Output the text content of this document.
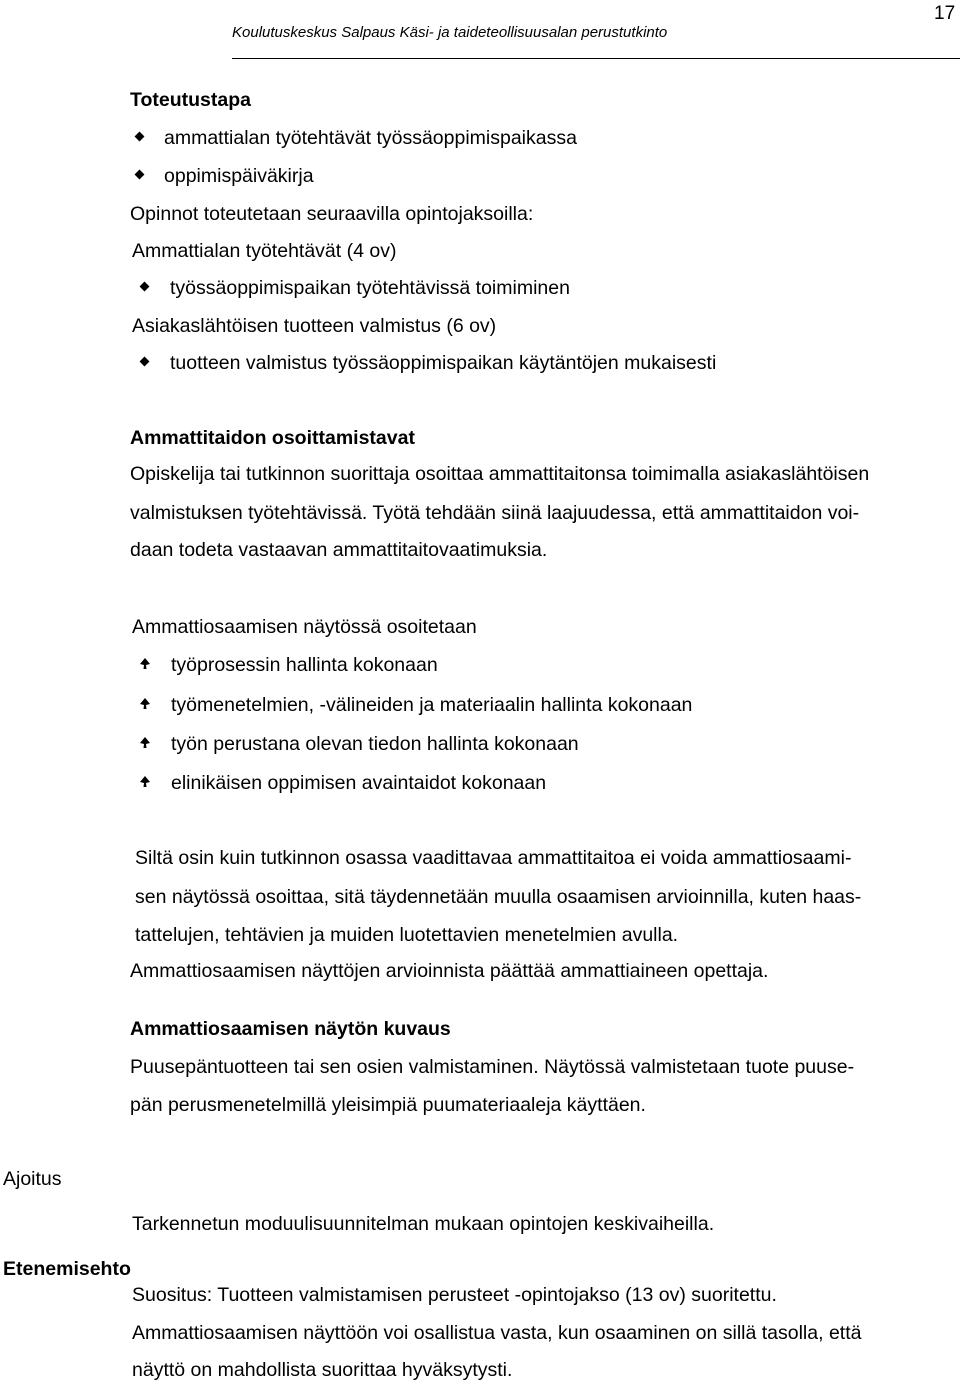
Koulutuskeskus Salpaus Käsi- ja taideteollisuusalan perustutkinto
17
Toteutustapa
ammattialan työtehtävät työssäoppimispaikassa
oppimispäiväkirja
Opinnot toteutetaan seuraavilla opintojaksoilla:
Ammattialan työtehtävät (4 ov)
työssäoppimispaikan työtehtävissä toimiminen
Asiakaslähtöisen tuotteen valmistus (6 ov)
tuotteen valmistus työssäoppimispaikan käytäntöjen mukaisesti
Ammattitaidon osoittamistavat
Opiskelija tai tutkinnon suorittaja osoittaa ammattitaitonsa toimimalla asiakaslähtöisen
valmistuksen työtehtävissä. Työtä tehdään siinä laajuudessa, että ammattitaidon voi-
daan todeta vastaavan ammattitaitovaatimuksia.
Ammattiosaamisen näytössä osoitetaan
työprosessin hallinta kokonaan
työmenetelmien, -välineiden ja materiaalin hallinta kokonaan
työn perustana olevan tiedon hallinta kokonaan
elinikäisen oppimisen avaintaidot kokonaan
Siltä osin kuin tutkinnon osassa vaadittavaa ammattitaitoa ei voida ammattiosaami-
sen näytössä osoittaa, sitä täydennetään muulla osaamisen arvioinnilla, kuten haas-
tattelujen, tehtävien ja muiden luotettavien menetelmien avulla.
Ammattiosaamisen näyttöjen arvioinnista päättää ammattiaineen opettaja.
Ammattiosaamisen näytön kuvaus
Puusepäntuotteen tai sen osien valmistaminen. Näytössä valmistetaan tuote puuse-
pän perusmenetelmillä yleisimpiä puumateriaaleja käyttäen.
Ajoitus
Tarkennetun moduulisuunnitelman mukaan opintojen keskivaiheilla.
Etenemisehto
Suositus: Tuotteen valmistamisen perusteet -opintojakso (13 ov) suoritettu.
Ammattiosaamisen näyttöön voi osallistua vasta, kun osaaminen on sillä tasolla, että
näyttö on mahdollista suorittaa hyväksytysti.
